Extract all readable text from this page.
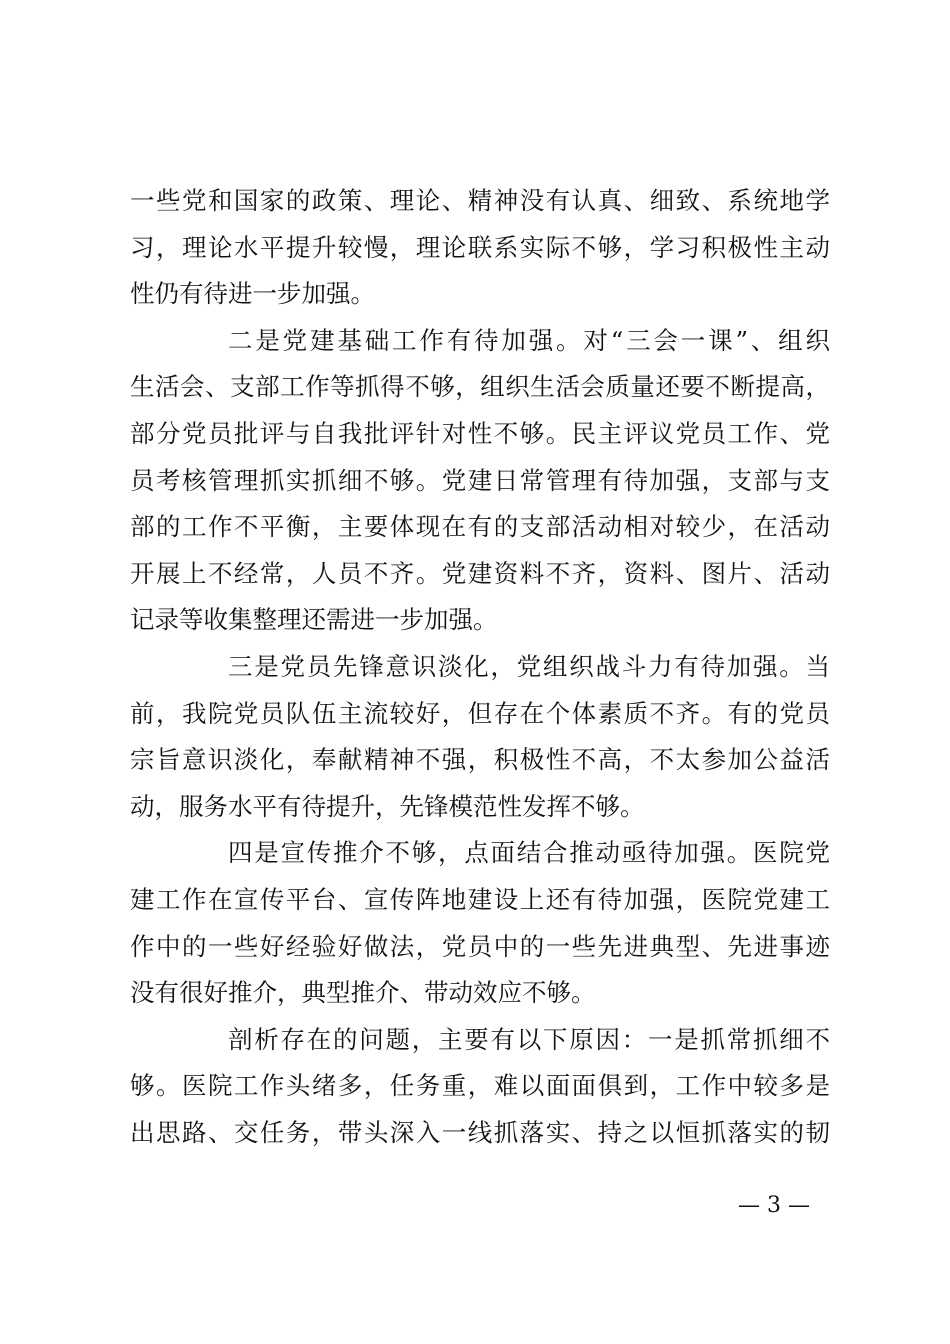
一些党和国家的政策、理论、精神没有认真、细致、系统地学
习，理论水平提升较慢，理论联系实际不够，学习积极性主动
性仍有待进一步加强。
二是党建基础工作有待加强。对“三会一课”、组织
生活会、支部工作等抓得不够，组织生活会质量还要不断提高，
部分党员批评与自我批评针对性不够。民主评议党员工作、党
员考核管理抓实抓细不够。党建日常管理有待加强，支部与支
部的工作不平衡，主要体现在有的支部活动相对较少，在活动
开展上不经常，人员不齐。党建资料不齐，资料、图片、活动
记录等收集整理还需进一步加强。
三是党员先锋意识淡化，党组织战斗力有待加强。当
前，我院党员队伍主流较好，但存在个体素质不齐。有的党员
宗旨意识淡化，奉献精神不强，积极性不高，不太参加公益活
动，服务水平有待提升，先锋模范性发挥不够。
四是宣传推介不够，点面结合推动亟待加强。医院党
建工作在宣传平台、宣传阵地建设上还有待加强，医院党建工
作中的一些好经验好做法，党员中的一些先进典型、先进事迹
没有很好推介，典型推介、带动效应不够。
剖析存在的问题，主要有以下原因：一是抓常抓细不
够。医院工作头绪多，任务重，难以面面俱到，工作中较多是
出思路、交任务，带头深入一线抓落实、持之以恒抓落实的韧
— 3 —
